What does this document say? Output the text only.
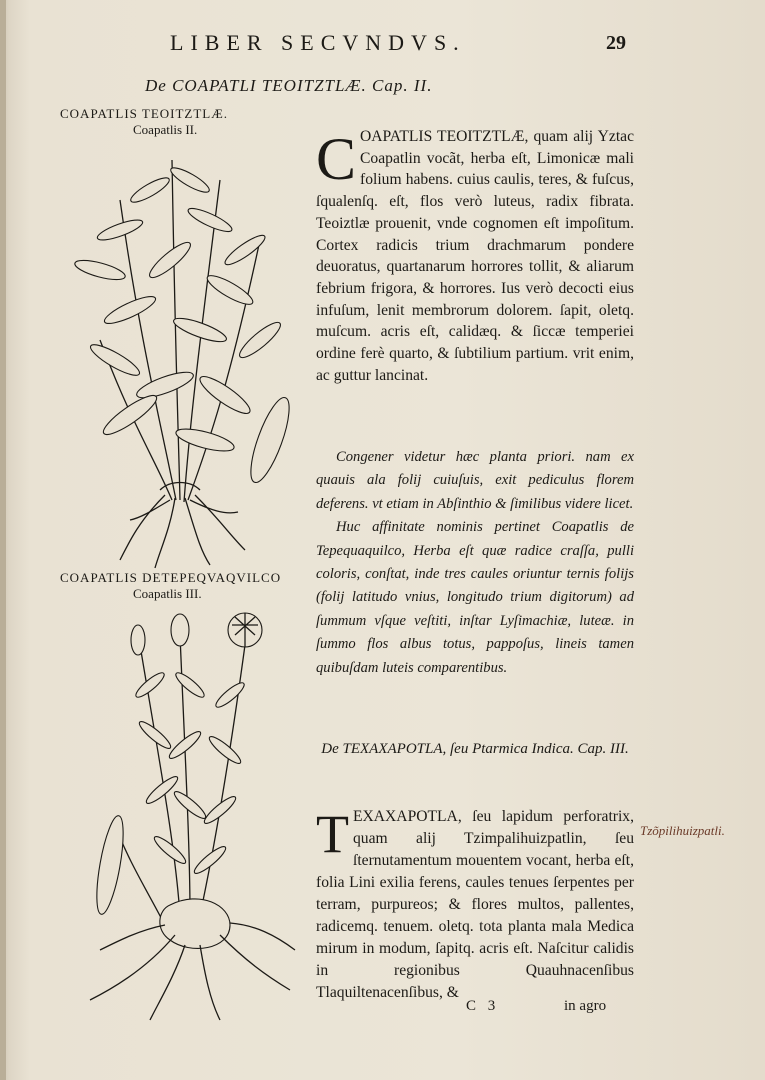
LIBER SECVNDVS.	29
De COAPATLI TEOITZTLÆ. Cap. II.
COAPATLIS TEOITZTLÆ.
Coapatlis II.
COAPATLIS DETEPEQVAQVILCO
Coapatlis III.
COAPATLIS TEOITZTLÆ, quam alij Yztac Coapatlin vocãt, herba eſt, Limonicæ mali folium habens. cuius caulis, teres, & fuſcus, ſqualenſq. eſt, flos verò luteus, radix fibrata. Teoiztlæ prouenit, vnde cognomen eſt impoſitum. Cortex radicis trium drachmarum pondere deuoratus, quartanarum horrores tollit, & aliarum febrium frigora, & horrores. Ius verò decocti eius infuſum, lenit membrorum dolorem. ſapit, oletq. muſcum. acris eſt, calidæq. & ſiccæ temperiei ordine ferè quarto, & ſubtilium partium. vrit enim, ac guttur lancinat.

Congener videtur hæc planta priori. nam ex quauis ala folij cuiuſuis, exit pediculus florem deferens. vt etiam in Abſinthio & ſimilibus videre licet.

Huc affinitate nominis pertinet Coapatlis de Tepequaquilco, Herba eſt quæ radice craſſa, pulli coloris, conſtat, inde tres caules oriuntur ternis folijs (folij latitudo vnius, longitudo trium digitorum) ad ſummum vſque veſtiti, inſtar Lyſimachiæ, luteæ. in ſummo flos albus totus, pappoſus, lineis tamen quibuſdam luteis comparentibus.

De TEXAXAPOTLA, ſeu Ptarmica Indica. Cap. III.
TEXAXAPOTLA, ſeu lapidum perforatrix, quam alij Tzimpalihuizpatlin, ſeu ſternutamentum mouentem vocant, herba eſt, folia Lini exilia ferens, caules tenues ſerpentes per terram, purpureos; & flores multos, pallentes, radicemq. tenuem. oletq. tota planta mala Medica mirum in modum, ſapitq. acris eſt. Naſcitur calidis in regionibus Quauhnacenſibus Tlaquiltenacenſibus, &
Tzõpilihuizpatli.
C 3	in agro
